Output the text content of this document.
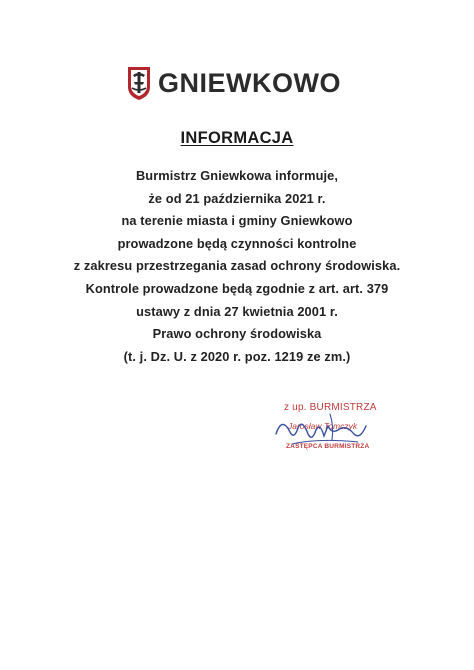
GNIEWKOWO
INFORMACJA
Burmistrz Gniewkowa informuje,
że od 21 października 2021 r.
na terenie miasta i gminy Gniewkowo
prowadzone będą czynności kontrolne
z zakresu przestrzegania zasad ochrony środowiska.
Kontrole prowadzone będą zgodnie z art. art. 379
ustawy z dnia 27 kwietnia 2001 r.
Prawo ochrony środowiska
(t. j. Dz. U. z 2020 r. poz. 1219 ze zm.)
z up. BURMISTRZA
Jarosław Tomczyk
ZASTĘPCA BURMISTRZA
